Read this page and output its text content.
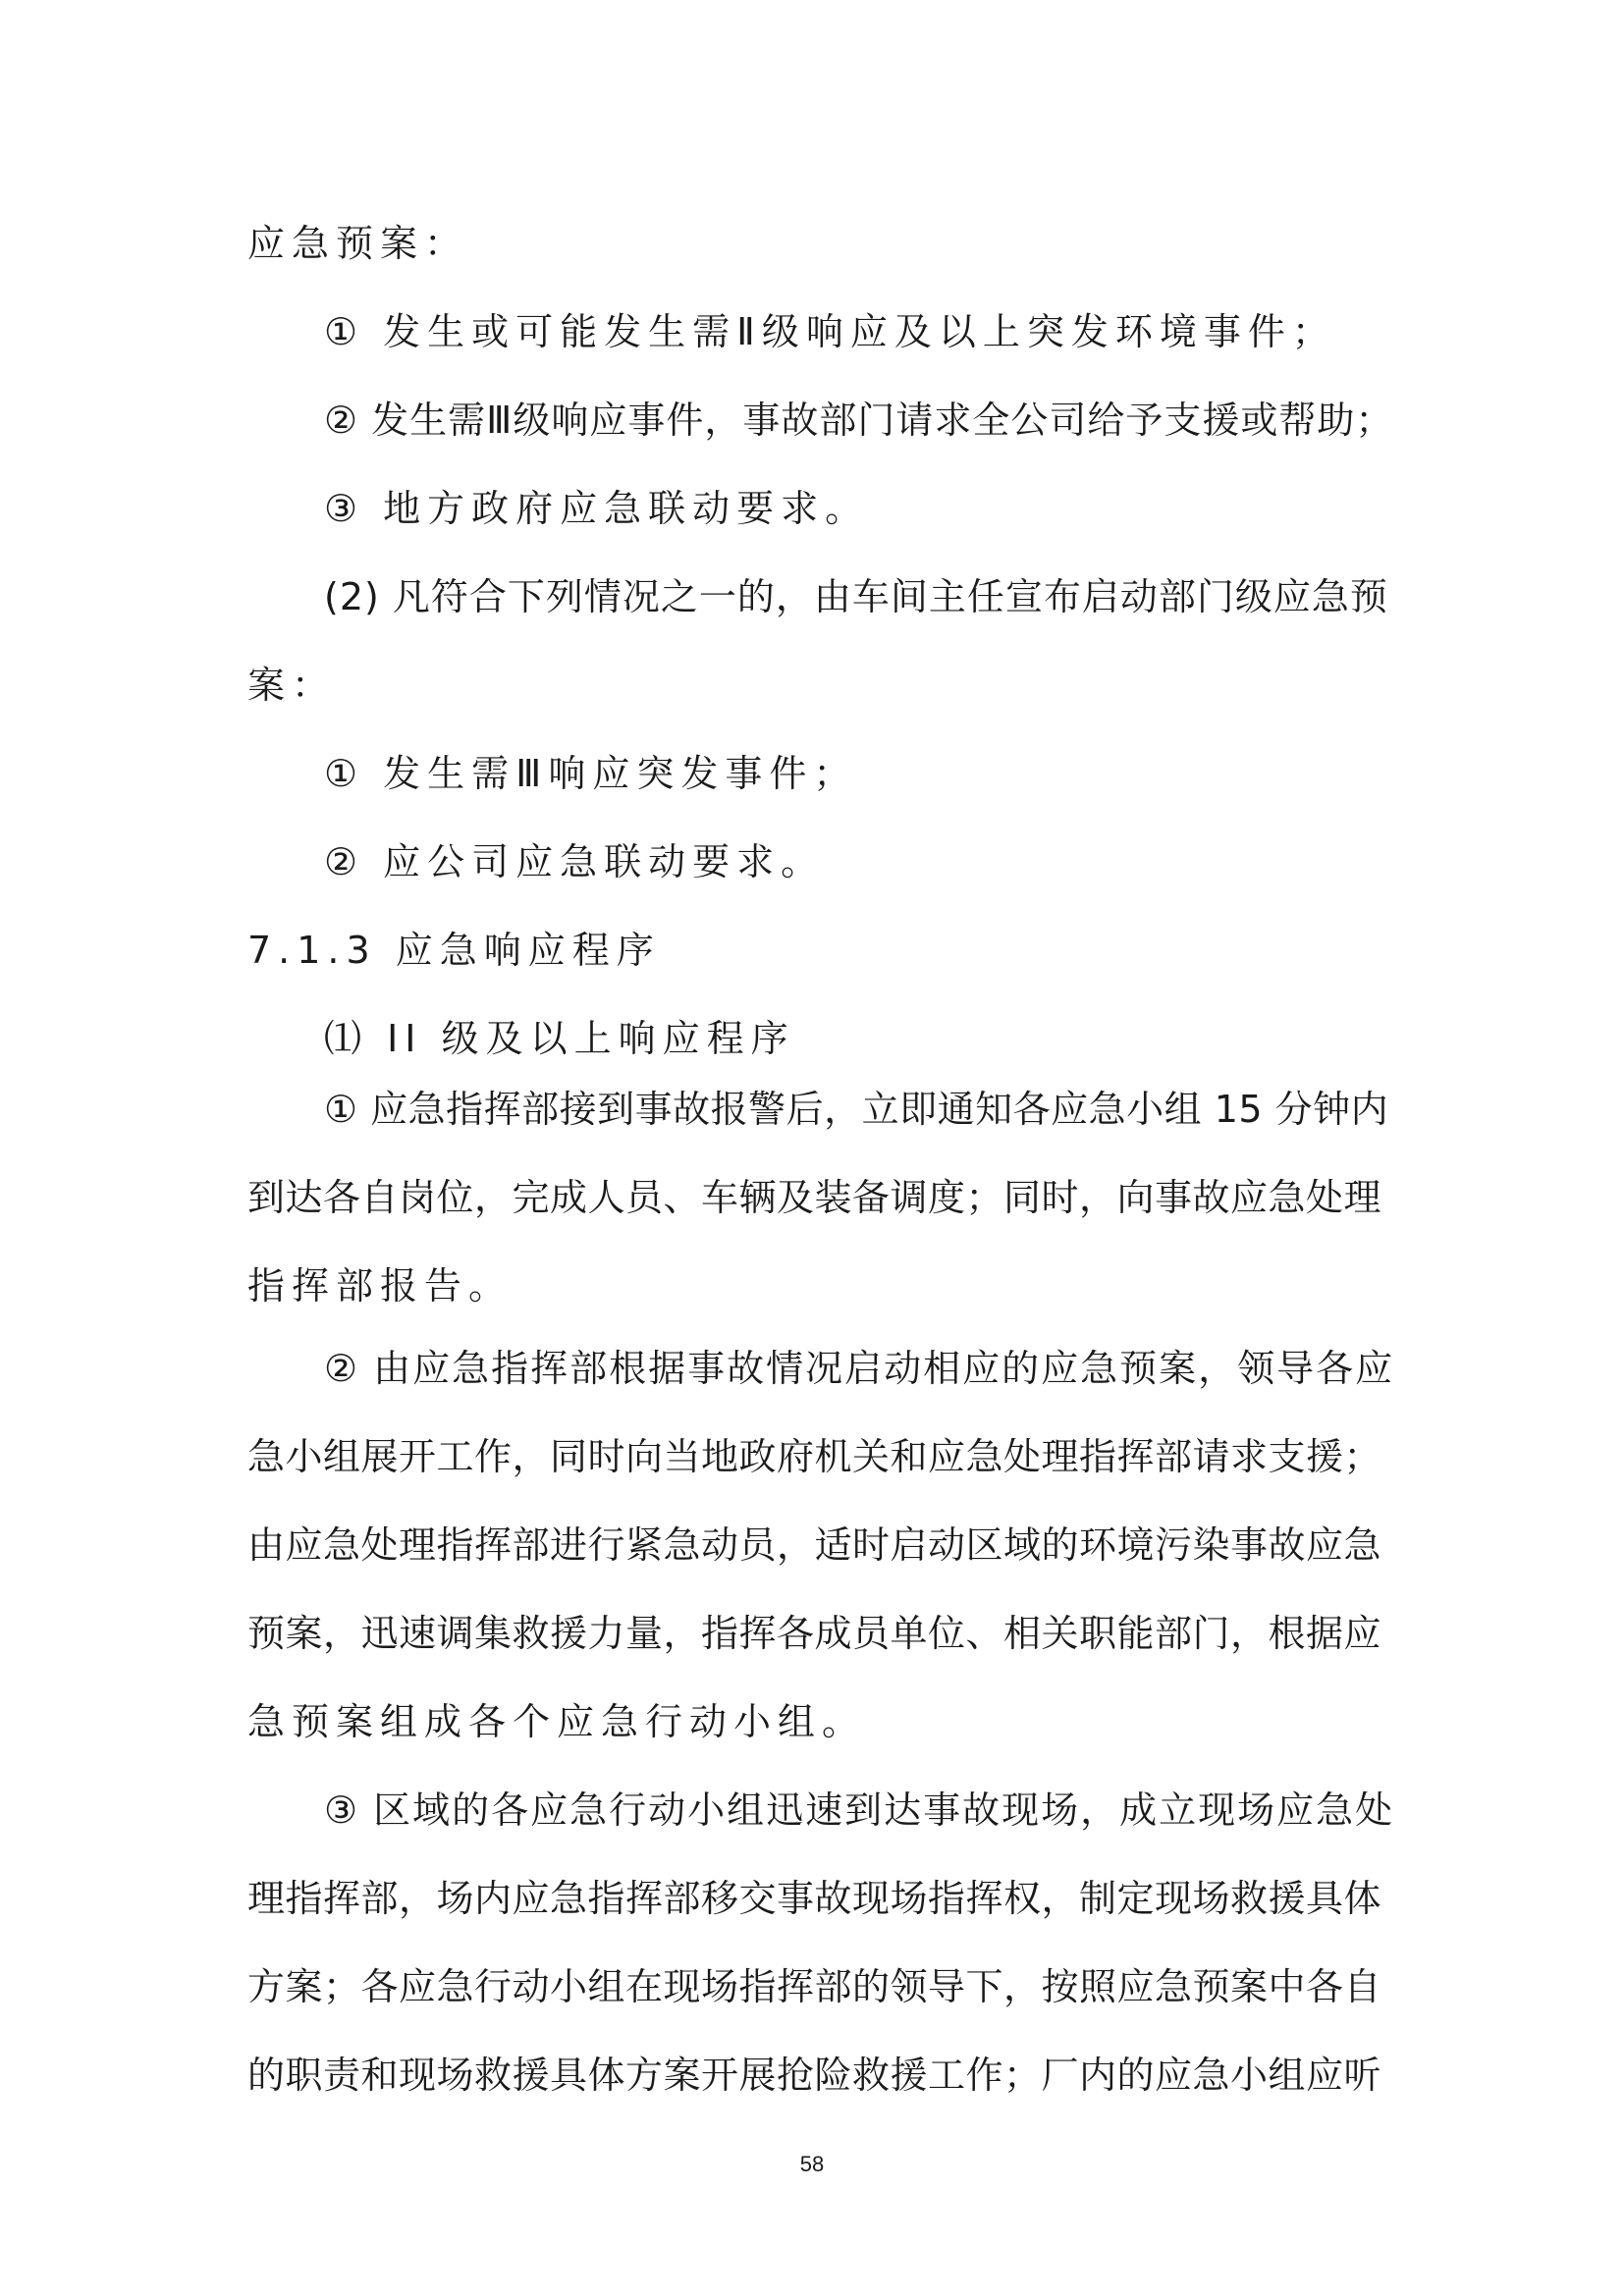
应急预案：
① 发生或可能发生需Ⅱ级响应及以上突发环境事件；
② 发生需Ⅲ级响应事件，事故部门请求全公司给予支援或帮助；
③ 地方政府应急联动要求。
(2) 凡符合下列情况之一的，由车间主任宣布启动部门级应急预
案：
① 发生需Ⅲ响应突发事件；
② 应公司应急联动要求。
7.1.3 应急响应程序
⑴ II 级及以上响应程序
① 应急指挥部接到事故报警后，立即通知各应急小组 15 分钟内
到达各自岗位，完成人员、车辆及装备调度；同时，向事故应急处理
指挥部报告。
② 由应急指挥部根据事故情况启动相应的应急预案，领导各应
急小组展开工作，同时向当地政府机关和应急处理指挥部请求支援；
由应急处理指挥部进行紧急动员，适时启动区域的环境污染事故应急
预案，迅速调集救援力量，指挥各成员单位、相关职能部门，根据应
急预案组成各个应急行动小组。
③ 区域的各应急行动小组迅速到达事故现场，成立现场应急处
理指挥部，场内应急指挥部移交事故现场指挥权，制定现场救援具体
方案；各应急行动小组在现场指挥部的领导下，按照应急预案中各自
的职责和现场救援具体方案开展抢险救援工作；厂内的应急小组应听
58
